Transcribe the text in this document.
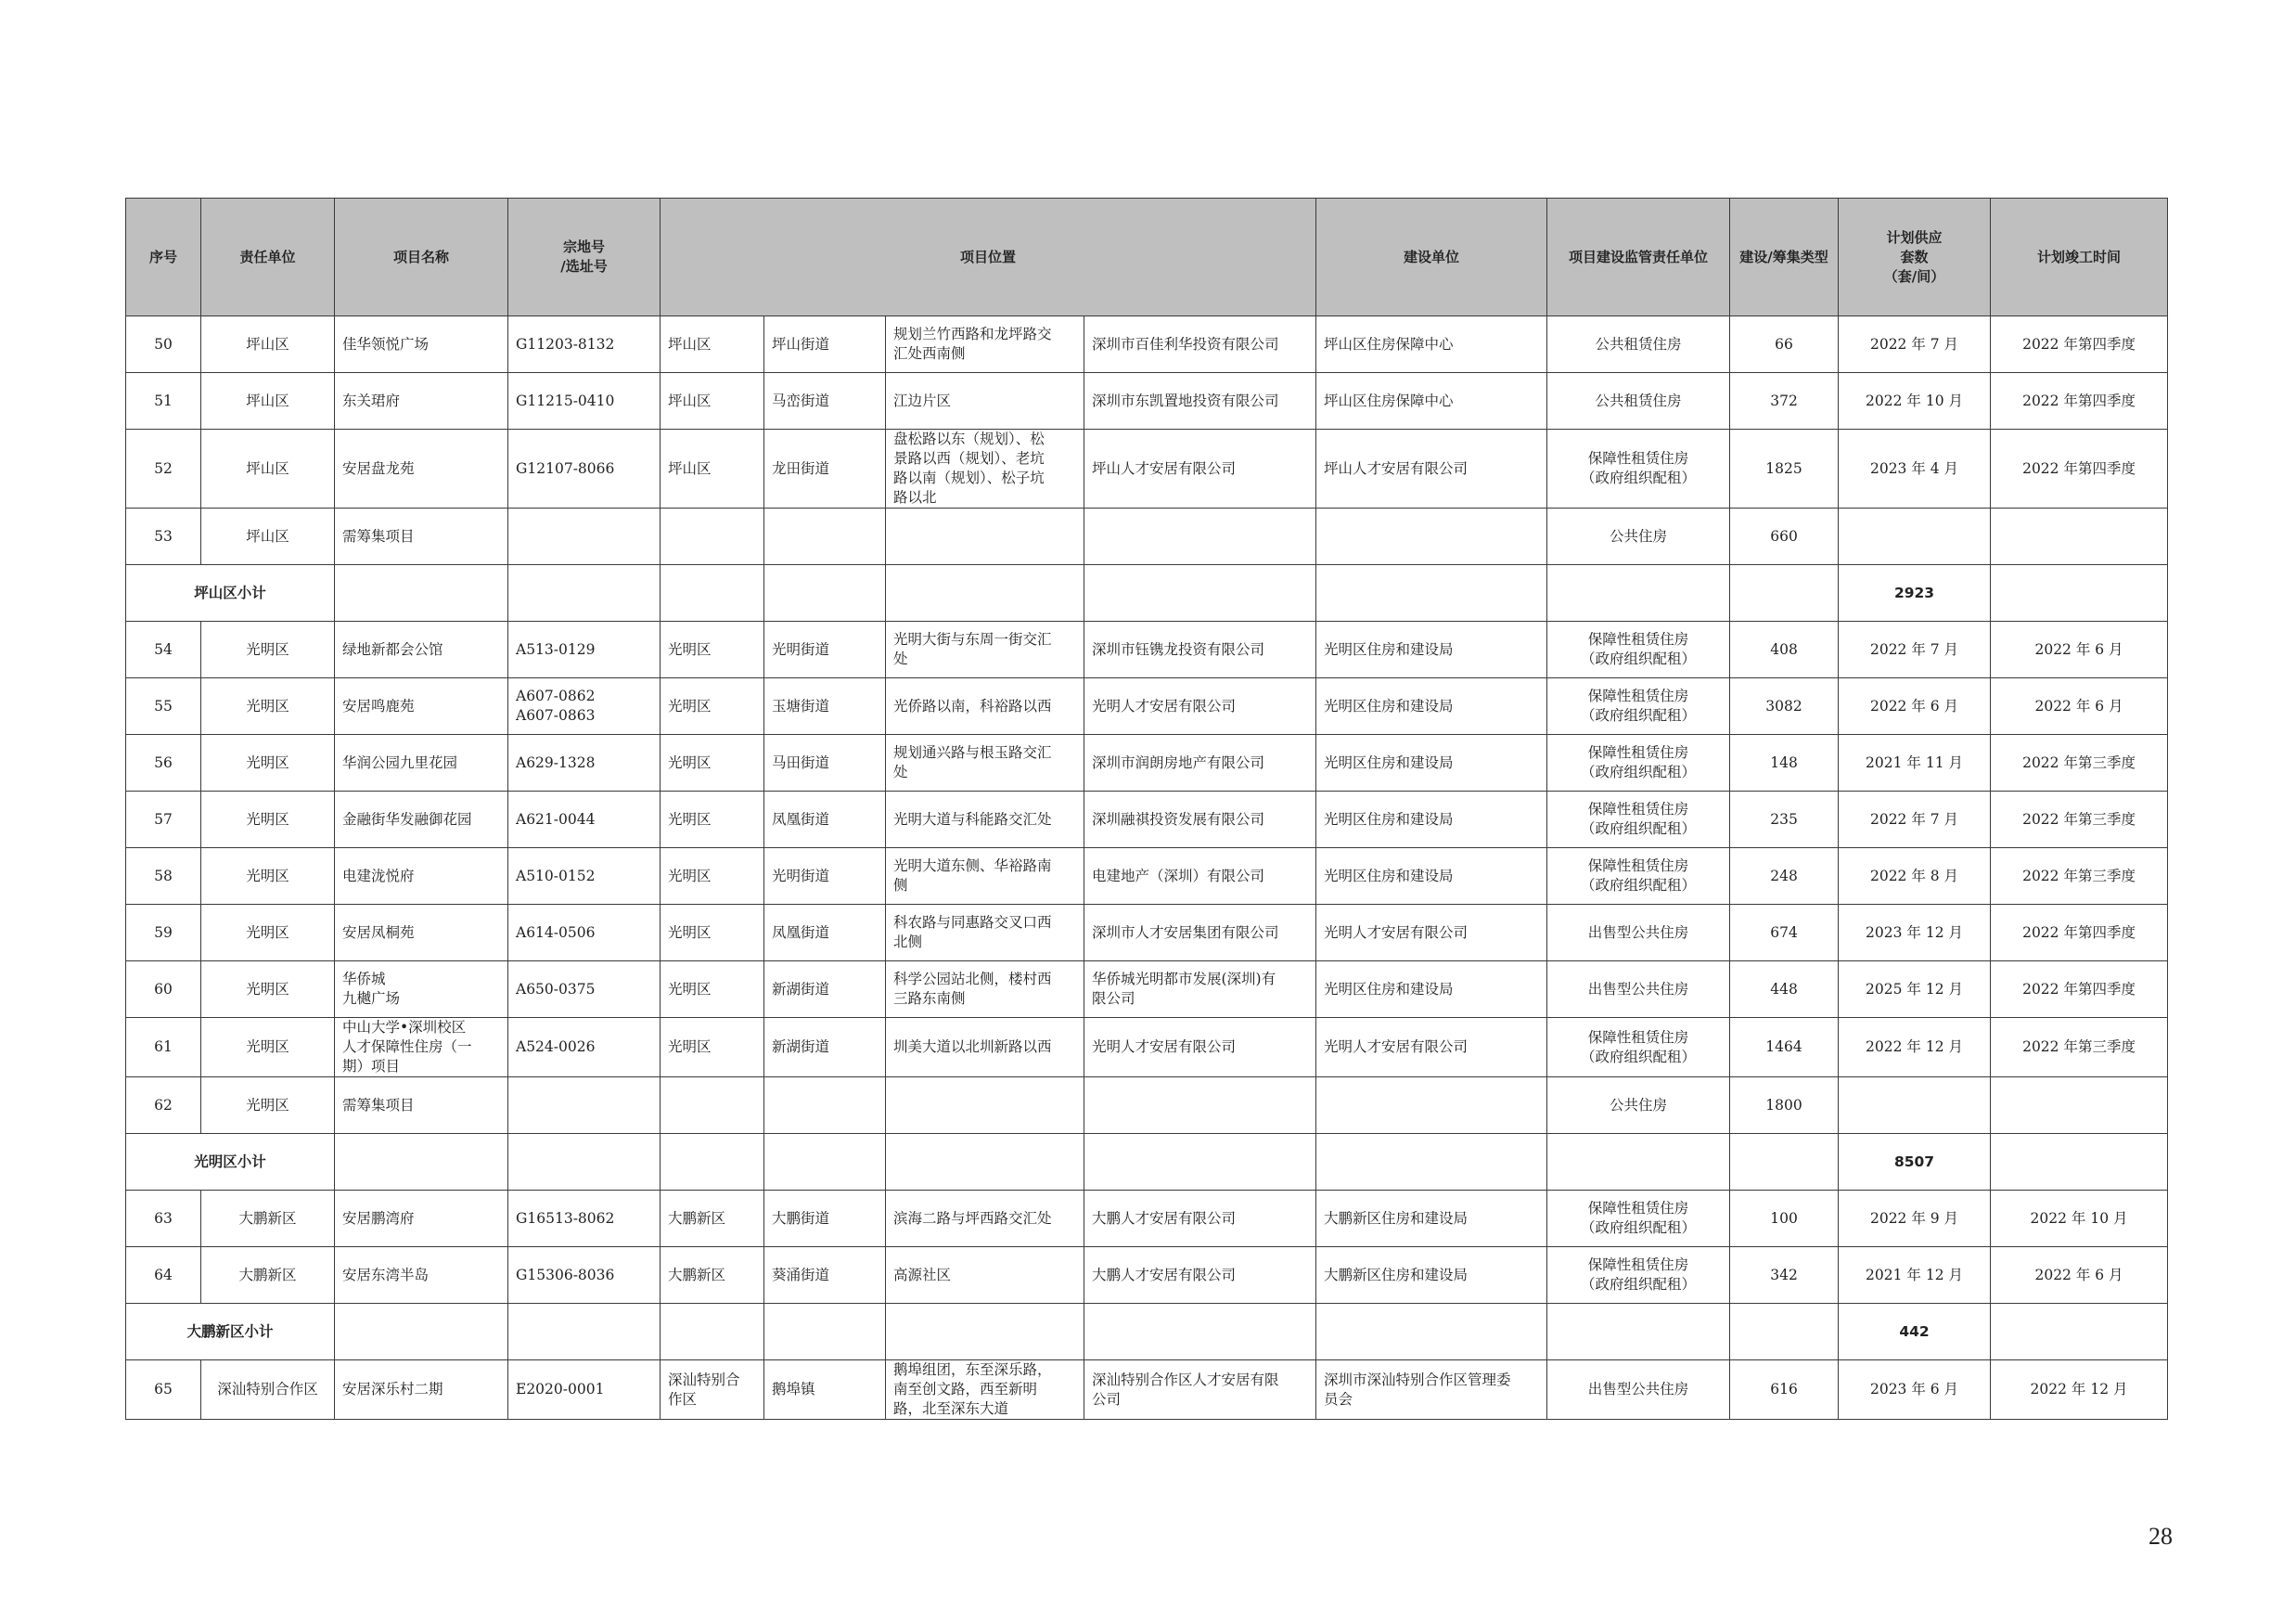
序号	责任单位	项目名称	宗地号
/选址号	项目位置				建设单位	项目建设监管责任单位	建设/筹集类型	计划供应
套数
（套/间）	计划竣工时间	
50	坪山区	佳华领悦广场	G11203-8132	坪山区	坪山街道	规划兰竹西路和龙坪路交
汇处西南侧	深圳市百佳利华投资有限公司	坪山区住房保障中心	公共租赁住房	66	2022 年 7 月	2022 年第四季度	
51	坪山区	东关珺府	G11215-0410	坪山区	马峦街道	江边片区	深圳市东凯置地投资有限公司	坪山区住房保障中心	公共租赁住房	372	2022 年 10 月	2022 年第四季度	
52	坪山区	安居盘龙苑	G12107-8066	坪山区	龙田街道	盘松路以东（规划）、松
景路以西（规划）、老坑
路以南（规划）、松子坑
路以北	坪山人才安居有限公司	坪山人才安居有限公司	保障性租赁住房
（政府组织配租）	1825	2023 年 4 月	2022 年第四季度	
53	坪山区	需筹集项目							公共住房	660			
坪山区小计											2923		
54	光明区	绿地新都会公馆	A513-0129	光明区	光明街道	光明大街与东周一街交汇
处	深圳市钰镌龙投资有限公司	光明区住房和建设局	保障性租赁住房
（政府组织配租）	408	2022 年 7 月	2022 年 6 月	
55	光明区	安居鸣鹿苑	A607-0862
A607-0863	光明区	玉塘街道	光侨路以南，科裕路以西	光明人才安居有限公司	光明区住房和建设局	保障性租赁住房
（政府组织配租）	3082	2022 年 6 月	2022 年 6 月	
56	光明区	华润公园九里花园	A629-1328	光明区	马田街道	规划通兴路与根玉路交汇
处	深圳市润朗房地产有限公司	光明区住房和建设局	保障性租赁住房
（政府组织配租）	148	2021 年 11 月	2022 年第三季度	
57	光明区	金融街华发融御花园	A621-0044	光明区	凤凰街道	光明大道与科能路交汇处	深圳融祺投资发展有限公司	光明区住房和建设局	保障性租赁住房
（政府组织配租）	235	2022 年 7 月	2022 年第三季度	
58	光明区	电建泷悦府	A510-0152	光明区	光明街道	光明大道东侧、华裕路南
侧	电建地产（深圳）有限公司	光明区住房和建设局	保障性租赁住房
（政府组织配租）	248	2022 年 8 月	2022 年第三季度	
59	光明区	安居凤桐苑	A614-0506	光明区	凤凰街道	科农路与同惠路交叉口西
北侧	深圳市人才安居集团有限公司	光明人才安居有限公司	出售型公共住房	674	2023 年 12 月	2022 年第四季度	
60	光明区	华侨城
九樾广场	A650-0375	光明区	新湖街道	科学公园站北侧，楼村西
三路东南侧	华侨城光明都市发展(深圳)有
限公司	光明区住房和建设局	出售型公共住房	448	2025 年 12 月	2022 年第四季度	
61	光明区	中山大学•深圳校区
人才保障性住房（一
期）项目	A524-0026	光明区	新湖街道	圳美大道以北圳新路以西	光明人才安居有限公司	光明人才安居有限公司	保障性租赁住房
（政府组织配租）	1464	2022 年 12 月	2022 年第三季度	
62	光明区	需筹集项目							公共住房	1800			
光明区小计											8507		
63	大鹏新区	安居鹏湾府	G16513-8062	大鹏新区	大鹏街道	滨海二路与坪西路交汇处	大鹏人才安居有限公司	大鹏新区住房和建设局	保障性租赁住房
（政府组织配租）	100	2022 年 9 月	2022 年 10 月	
64	大鹏新区	安居东湾半岛	G15306-8036	大鹏新区	葵涌街道	高源社区	大鹏人才安居有限公司	大鹏新区住房和建设局	保障性租赁住房
（政府组织配租）	342	2021 年 12 月	2022 年 6 月	
大鹏新区小计											442		
65	深汕特别合作区	安居深乐村二期	E2020-0001	深汕特别合
作区	鹅埠镇	鹅埠组团，东至深乐路，
南至创文路，西至新明
路，北至深东大道	深汕特别合作区人才安居有限
公司	深圳市深汕特别合作区管理委
员会	出售型公共住房	616	2023 年 6 月	2022 年 12 月	
28
